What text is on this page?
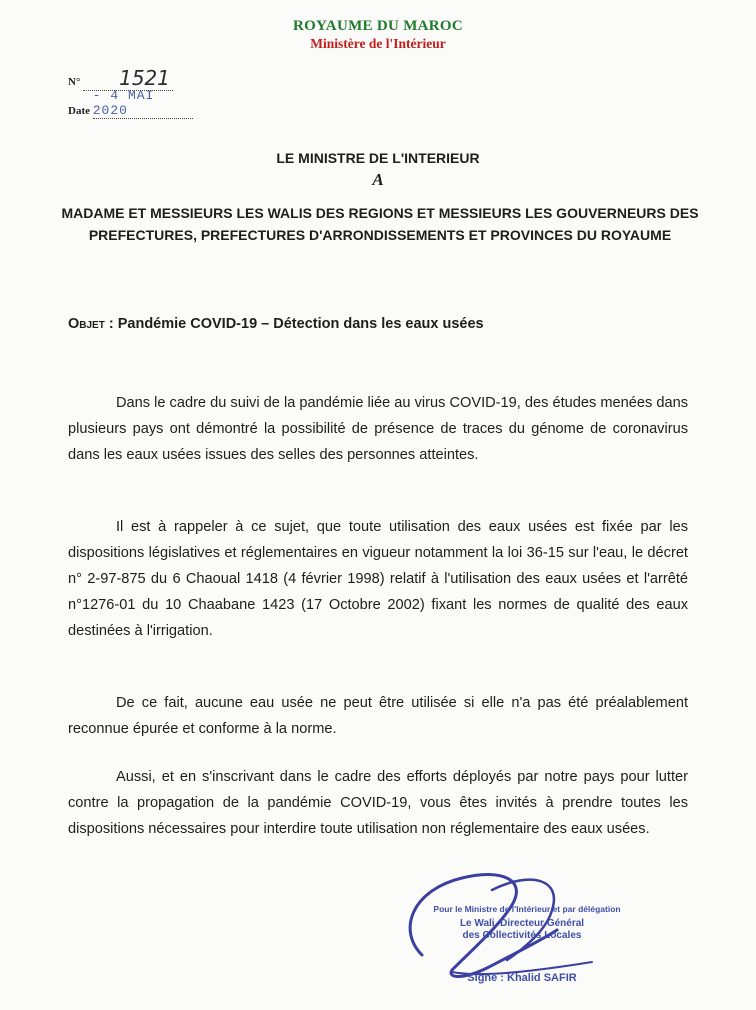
ROYAUME DU MAROC
Ministère de l'Intérieur
N° 1521
Date - 4 MAI 2020
LE MINISTRE DE L'INTERIEUR
A
MADAME ET MESSIEURS LES WALIS DES REGIONS ET MESSIEURS LES GOUVERNEURS DES PREFECTURES, PREFECTURES D'ARRONDISSEMENTS ET PROVINCES DU ROYAUME
Objet : Pandémie COVID-19 – Détection dans les eaux usées
Dans le cadre du suivi de la pandémie liée au virus COVID-19, des études menées dans plusieurs pays ont démontré la possibilité de présence de traces du génome de coronavirus dans les eaux usées issues des selles des personnes atteintes.
Il est à rappeler à ce sujet, que toute utilisation des eaux usées est fixée par les dispositions législatives et réglementaires en vigueur notamment la loi 36-15 sur l'eau, le décret n° 2-97-875 du 6 Chaoual 1418 (4 février 1998) relatif à l'utilisation des eaux usées et l'arrêté n°1276-01 du 10 Chaabane 1423 (17 Octobre 2002) fixant les normes de qualité des eaux destinées à l'irrigation.
De ce fait, aucune eau usée ne peut être utilisée si elle n'a pas été préalablement reconnue épurée et conforme à la norme.
Aussi, et en s'inscrivant dans le cadre des efforts déployés par notre pays pour lutter contre la propagation de la pandémie COVID-19, vous êtes invités à prendre toutes les dispositions nécessaires pour interdire toute utilisation non réglementaire des eaux usées.
Pour le Ministre de l'Intérieur et par délégation
Le Wali, Directeur Général
des Collectivités Locales
Signé : Khalid SAFIR
